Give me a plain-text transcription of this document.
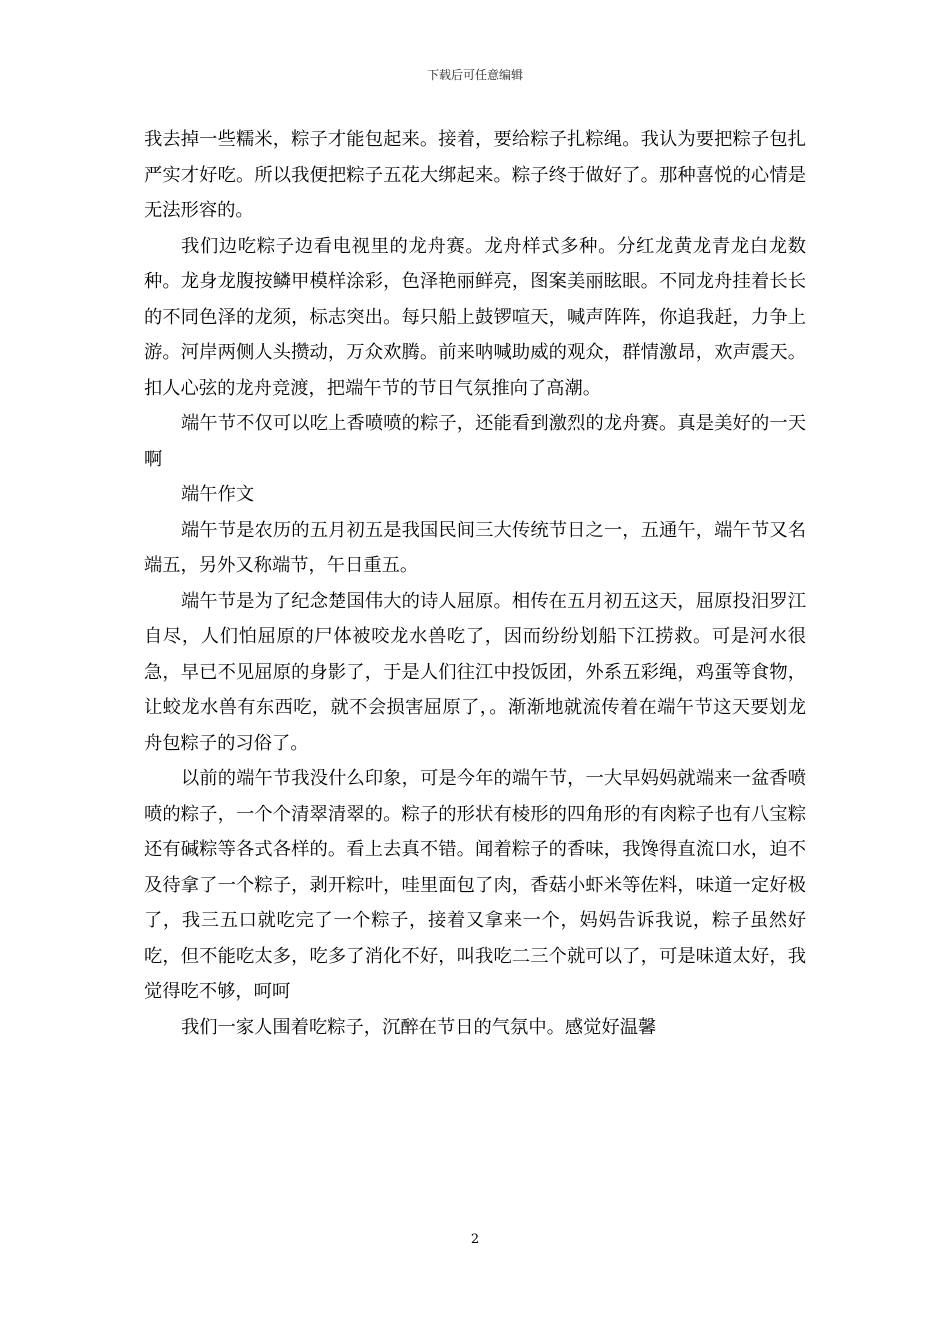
下载后可任意编辑

我去掉一些糯米，粽子才能包起来。接着，要给粽子扎粽绳。我认为要把粽子包扎严实才好吃。所以我便把粽子五花大绑起来。粽子终于做好了。那种喜悦的心情是无法形容的。

我们边吃粽子边看电视里的龙舟赛。龙舟样式多种。分红龙黄龙青龙白龙数种。龙身龙腹按鳞甲模样涂彩，色泽艳丽鲜亮，图案美丽眩眼。不同龙舟挂着长长的不同色泽的龙须，标志突出。每只船上鼓锣喧天，喊声阵阵，你追我赶，力争上游。河岸两侧人头攒动，万众欢腾。前来呐喊助威的观众，群情激昂，欢声震天。扣人心弦的龙舟竞渡，把端午节的节日气氛推向了高潮。

端午节不仅可以吃上香喷喷的粽子，还能看到激烈的龙舟赛。真是美好的一天啊

端午作文

端午节是农历的五月初五是我国民间三大传统节日之一，五通午，端午节又名端五，另外又称端节，午日重五。

端午节是为了纪念楚国伟大的诗人屈原。相传在五月初五这天，屈原投汨罗江自尽，人们怕屈原的尸体被咬龙水兽吃了，因而纷纷划船下江捞救。可是河水很急，早已不见屈原的身影了，于是人们往江中投饭团，外系五彩绳，鸡蛋等食物，让蛟龙水兽有东西吃，就不会损害屈原了，。渐渐地就流传着在端午节这天要划龙舟包粽子的习俗了。

以前的端午节我没什么印象，可是今年的端午节，一大早妈妈就端来一盆香喷喷的粽子，一个个清翠清翠的。粽子的形状有棱形的四角形的有肉粽子也有八宝粽还有碱粽等各式各样的。看上去真不错。闻着粽子的香味，我馋得直流口水，迫不及待拿了一个粽子，剥开粽叶，哇里面包了肉，香菇小虾米等佐料，味道一定好极了，我三五口就吃完了一个粽子，接着又拿来一个，妈妈告诉我说，粽子虽然好吃，但不能吃太多，吃多了消化不好，叫我吃二三个就可以了，可是味道太好，我觉得吃不够，呵呵

我们一家人围着吃粽子，沉醉在节日的气氛中。感觉好温馨

2
